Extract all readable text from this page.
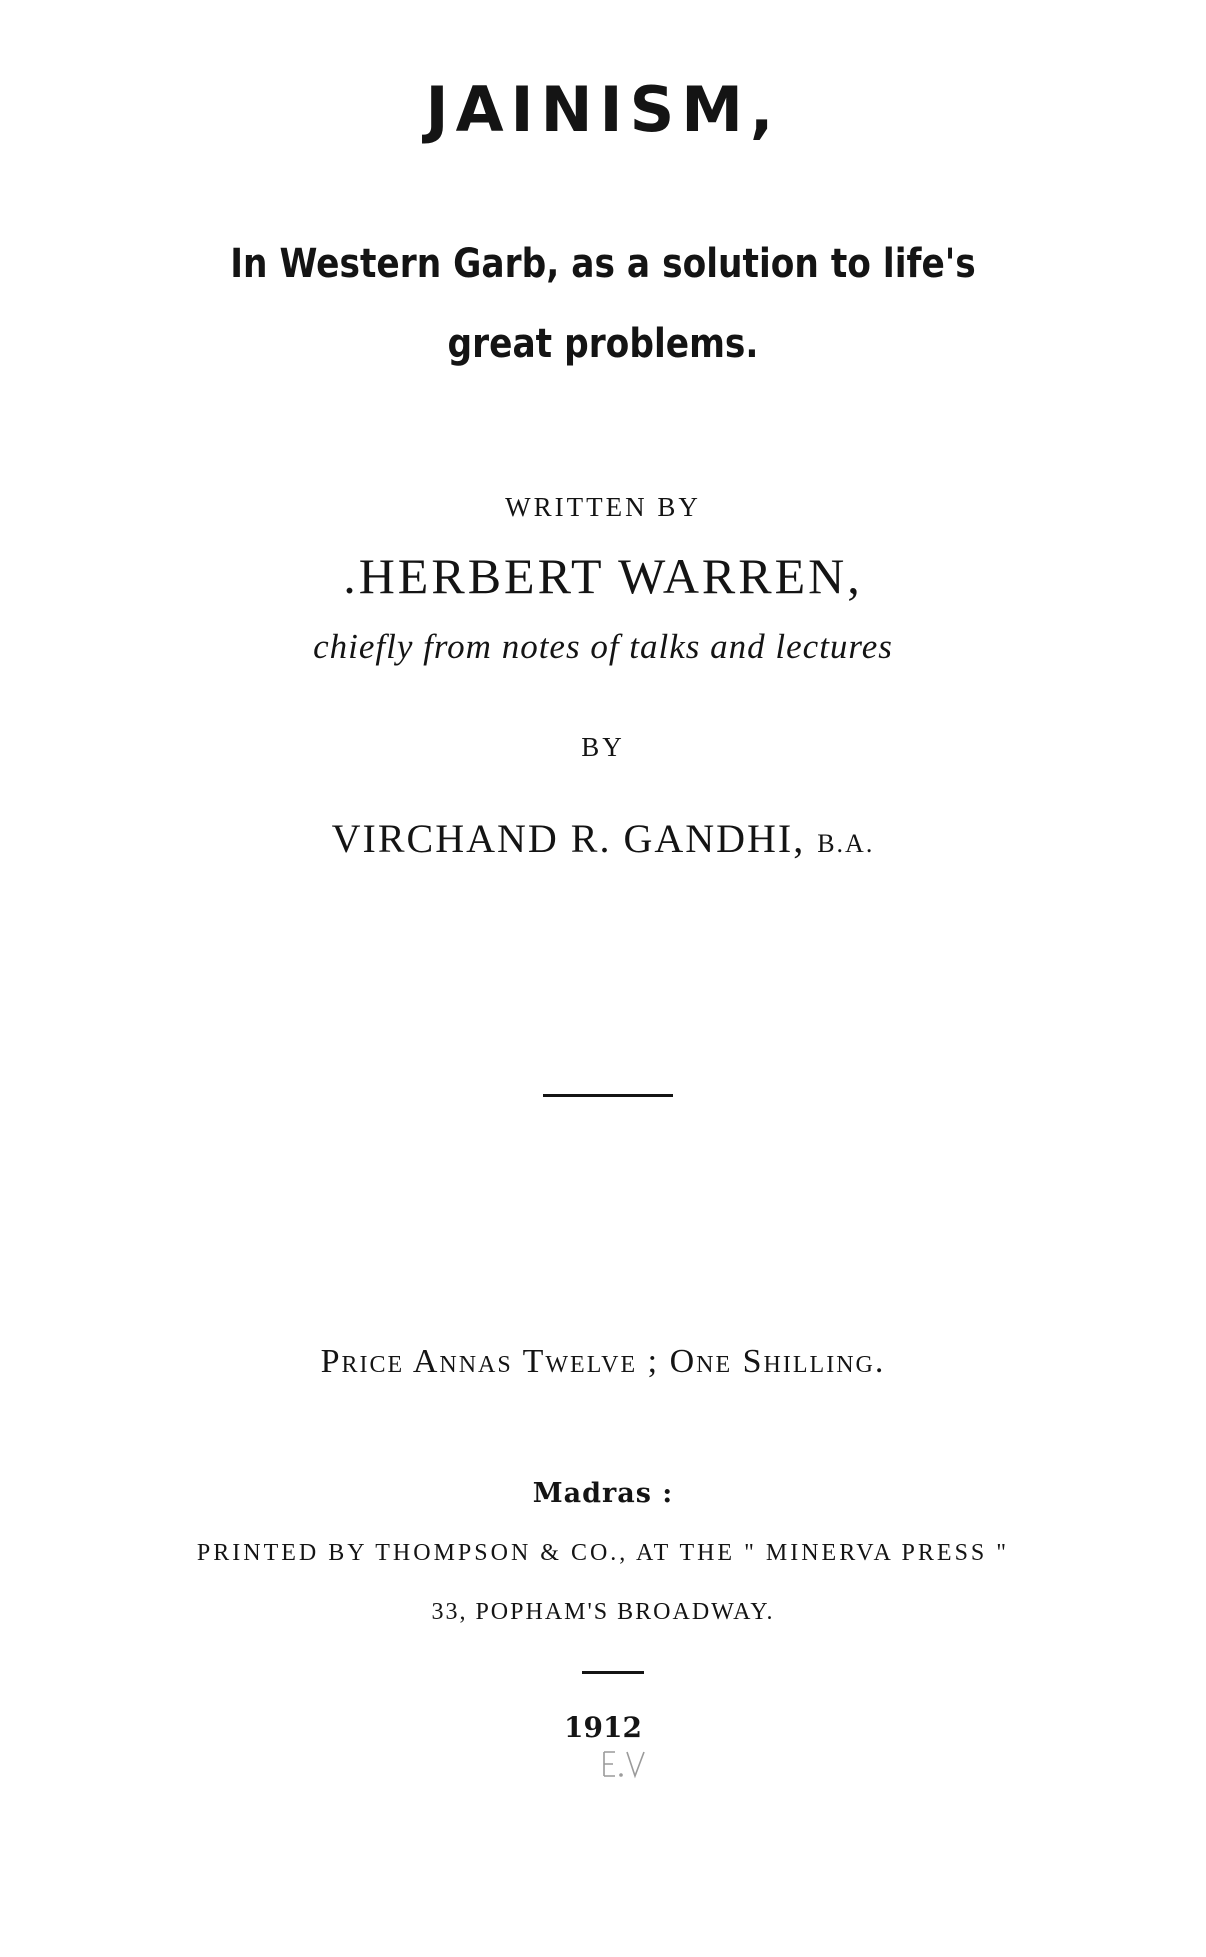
JAINISM,
In Western Garb, as a solution to life's
great problems.
WRITTEN BY
.HERBERT WARREN,
chiefly from notes of talks and lectures
BY
VIRCHAND R. GANDHI, B.A.
Price Annas Twelve ; One Shilling.
Madras :
PRINTED BY THOMPSON & CO., AT THE " MINERVA PRESS "
33, POPHAM'S BROADWAY.
1912
